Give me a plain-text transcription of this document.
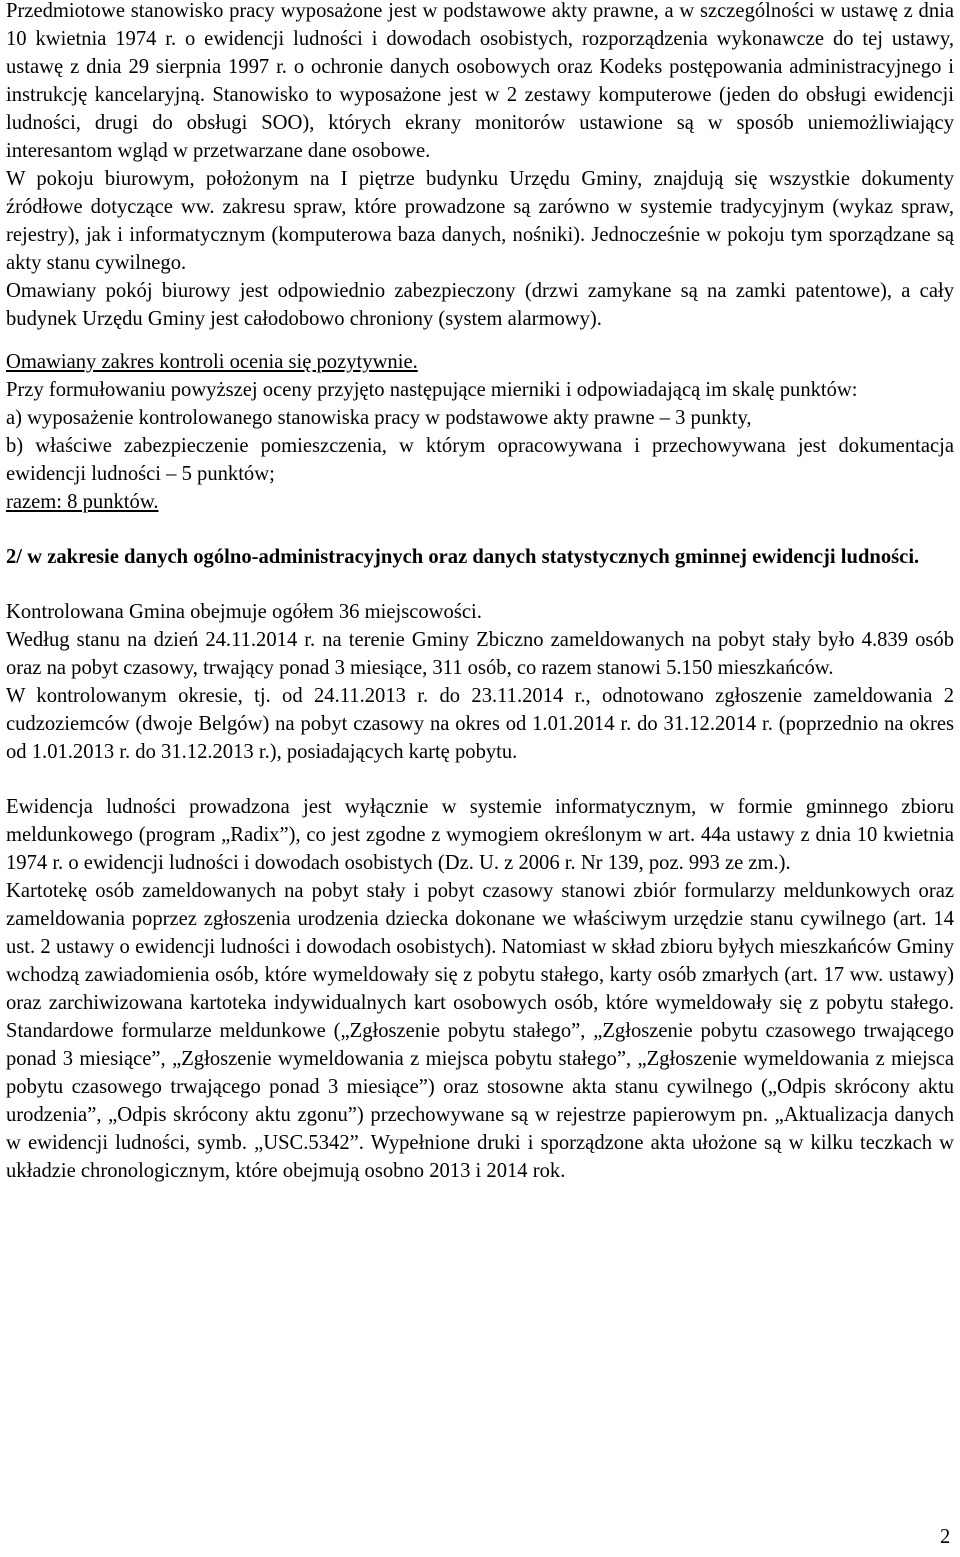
Przedmiotowe stanowisko pracy wyposażone jest w podstawowe akty prawne, a w szczególności w ustawę z dnia 10 kwietnia 1974 r. o ewidencji ludności i dowodach osobistych, rozporządzenia wykonawcze do tej ustawy, ustawę z dnia 29 sierpnia 1997 r. o ochronie danych osobowych oraz Kodeks postępowania administracyjnego i instrukcję kancelaryjną. Stanowisko to wyposażone jest w 2 zestawy komputerowe (jeden do obsługi ewidencji ludności, drugi do obsługi SOO), których ekrany monitorów ustawione są w sposób uniemożliwiający interesantom wgląd w przetwarzane dane osobowe.

W pokoju biurowym, położonym na I piętrze budynku Urzędu Gminy, znajdują się wszystkie dokumenty źródłowe dotyczące ww. zakresu spraw, które prowadzone są zarówno w systemie tradycyjnym (wykaz spraw, rejestry), jak i informatycznym (komputerowa baza danych, nośniki). Jednocześnie w pokoju tym sporządzane są akty stanu cywilnego.

Omawiany pokój biurowy jest odpowiednio zabezpieczony (drzwi zamykane są na zamki patentowe), a cały budynek Urzędu Gminy jest całodobowo chroniony (system alarmowy).

Omawiany zakres kontroli ocenia się pozytywnie.

Przy formułowaniu powyższej oceny przyjęto następujące mierniki i odpowiadającą im skalę punktów:

a) wyposażenie kontrolowanego stanowiska pracy w podstawowe akty prawne – 3 punkty,

b) właściwe zabezpieczenie pomieszczenia, w którym opracowywana i przechowywana jest dokumentacja ewidencji ludności – 5 punktów;

razem: 8 punktów.

2/ w zakresie danych ogólno-administracyjnych oraz danych statystycznych gminnej ewidencji ludności.

Kontrolowana Gmina obejmuje ogółem 36 miejscowości.

Według stanu na dzień 24.11.2014 r. na terenie Gminy Zbiczno zameldowanych na pobyt stały było 4.839 osób oraz na pobyt czasowy, trwający ponad 3 miesiące, 311 osób, co razem stanowi 5.150 mieszkańców.

W kontrolowanym okresie, tj. od 24.11.2013 r. do 23.11.2014 r., odnotowano zgłoszenie zameldowania 2 cudzoziemców (dwoje Belgów) na pobyt czasowy na okres od 1.01.2014 r. do 31.12.2014 r. (poprzednio na okres od 1.01.2013 r. do 31.12.2013 r.), posiadających kartę pobytu.

Ewidencja ludności prowadzona jest wyłącznie w systemie informatycznym, w formie gminnego zbioru meldunkowego (program „Radix”), co jest zgodne z wymogiem określonym w art. 44a ustawy z dnia 10 kwietnia 1974 r. o ewidencji ludności i dowodach osobistych (Dz. U. z 2006 r. Nr 139, poz. 993 ze zm.).

Kartotekę osób zameldowanych na pobyt stały i pobyt czasowy stanowi zbiór formularzy meldunkowych oraz zameldowania poprzez zgłoszenia urodzenia dziecka dokonane we właściwym urzędzie stanu cywilnego (art. 14 ust. 2 ustawy o ewidencji ludności i dowodach osobistych). Natomiast w skład zbioru byłych mieszkańców Gminy wchodzą zawiadomienia osób, które wymeldowały się z pobytu stałego, karty osób zmarłych (art. 17 ww. ustawy) oraz zarchiwizowana kartoteka indywidualnych kart osobowych osób, które wymeldowały się z pobytu stałego. Standardowe formularze meldunkowe („Zgłoszenie pobytu stałego”, „Zgłoszenie pobytu czasowego trwającego ponad 3 miesiące”, „Zgłoszenie wymeldowania z miejsca pobytu stałego”, „Zgłoszenie wymeldowania z miejsca pobytu czasowego trwającego ponad 3 miesiące”) oraz stosowne akta stanu cywilnego („Odpis skrócony aktu urodzenia”, „Odpis skrócony aktu zgonu”) przechowywane są w rejestrze papierowym pn. „Aktualizacja danych w ewidencji ludności, symb. „USC.5342”. Wypełnione druki i sporządzone akta ułożone są w kilku teczkach w układzie chronologicznym, które obejmują osobno 2013 i 2014 rok.

2
